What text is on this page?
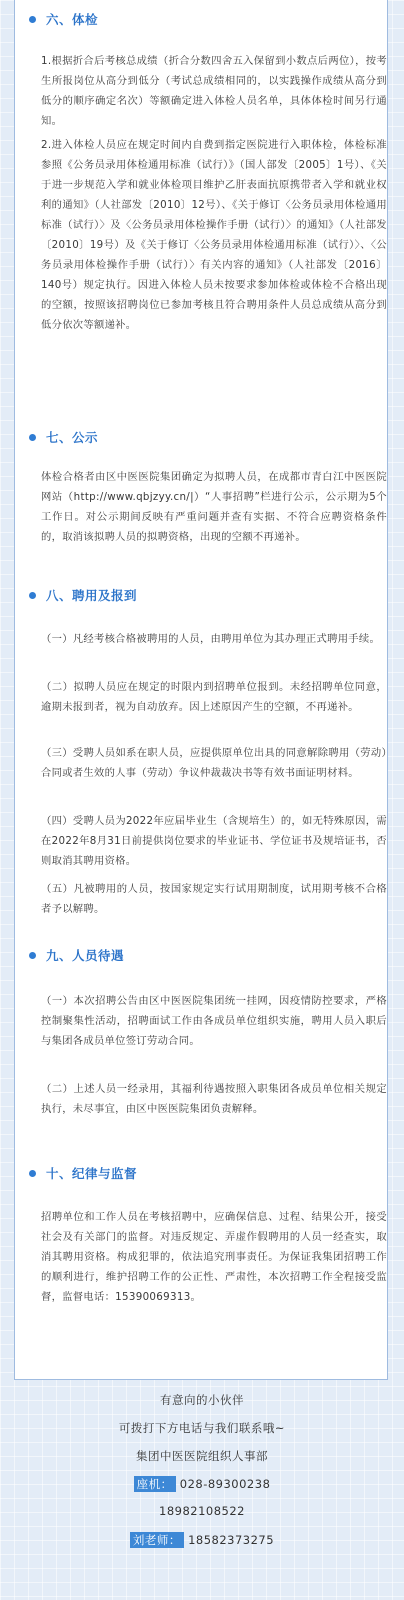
六、体检

1.根据折合后考核总成绩（折合分数四舍五入保留到小数点后两位），按考生所报岗位从高分到低分（考试总成绩相同的，以实践操作成绩从高分到低分的顺序确定名次）等额确定进入体检人员名单，具体体检时间另行通知。

2.进入体检人员应在规定时间内自费到指定医院进行入职体检，体检标准参照《公务员录用体检通用标准（试行）》（国人部发〔2005〕1号）、《关于进一步规范入学和就业体检项目维护乙肝表面抗原携带者入学和就业权利的通知》（人社部发〔2010〕12号）、《关于修订〈公务员录用体检通用标准（试行）〉及〈公务员录用体检操作手册（试行）〉的通知》（人社部发〔2010〕19号）及《关于修订〈公务员录用体检通用标准（试行）〉、〈公务员录用体检操作手册（试行）〉有关内容的通知》（人社部发〔2016〕140号）规定执行。因进入体检人员未按要求参加体检或体检不合格出现的空额，按照该招聘岗位已参加考核且符合聘用条件人员总成绩从高分到低分依次等额递补。

七、公示

体检合格者由区中医医院集团确定为拟聘人员，在成都市青白江中医医院网站（http://www.qbjzyy.cn/|）“人事招聘”栏进行公示，公示期为5个工作日。对公示期间反映有严重问题并查有实据、不符合应聘资格条件的，取消该拟聘人员的拟聘资格，出现的空额不再递补。

八、聘用及报到

（一）凡经考核合格被聘用的人员，由聘用单位为其办理正式聘用手续。

（二）拟聘人员应在规定的时限内到招聘单位报到。未经招聘单位同意，逾期未报到者，视为自动放弃。因上述原因产生的空额，不再递补。

（三）受聘人员如系在职人员，应提供原单位出具的同意解除聘用（劳动）合同或者生效的人事（劳动）争议仲裁裁决书等有效书面证明材料。

（四）受聘人员为2022年应届毕业生（含规培生）的，如无特殊原因，需在2022年8月31日前提供岗位要求的毕业证书、学位证书及规培证书，否则取消其聘用资格。

（五）凡被聘用的人员，按国家规定实行试用期制度，试用期考核不合格者予以解聘。

九、人员待遇

（一）本次招聘公告由区中医医院集团统一挂网，因疫情防控要求，严格控制聚集性活动，招聘面试工作由各成员单位组织实施，聘用人员入职后与集团各成员单位签订劳动合同。

（二）上述人员一经录用，其福利待遇按照入职集团各成员单位相关规定执行，未尽事宜，由区中医医院集团负责解释。

十、纪律与监督

招聘单位和工作人员在考核招聘中，应确保信息、过程、结果公开，接受社会及有关部门的监督。对违反规定、弄虚作假聘用的人员一经查实，取消其聘用资格。构成犯罪的，依法追究刑事责任。为保证我集团招聘工作的顺利进行，维护招聘工作的公正性、严肃性，本次招聘工作全程接受监督，监督电话：15390069313。

有意向的小伙伴
可拨打下方电话与我们联系哦~
集团中医医院组织人事部
座机： 028-89300238
18982108522
刘老师： 18582373275
